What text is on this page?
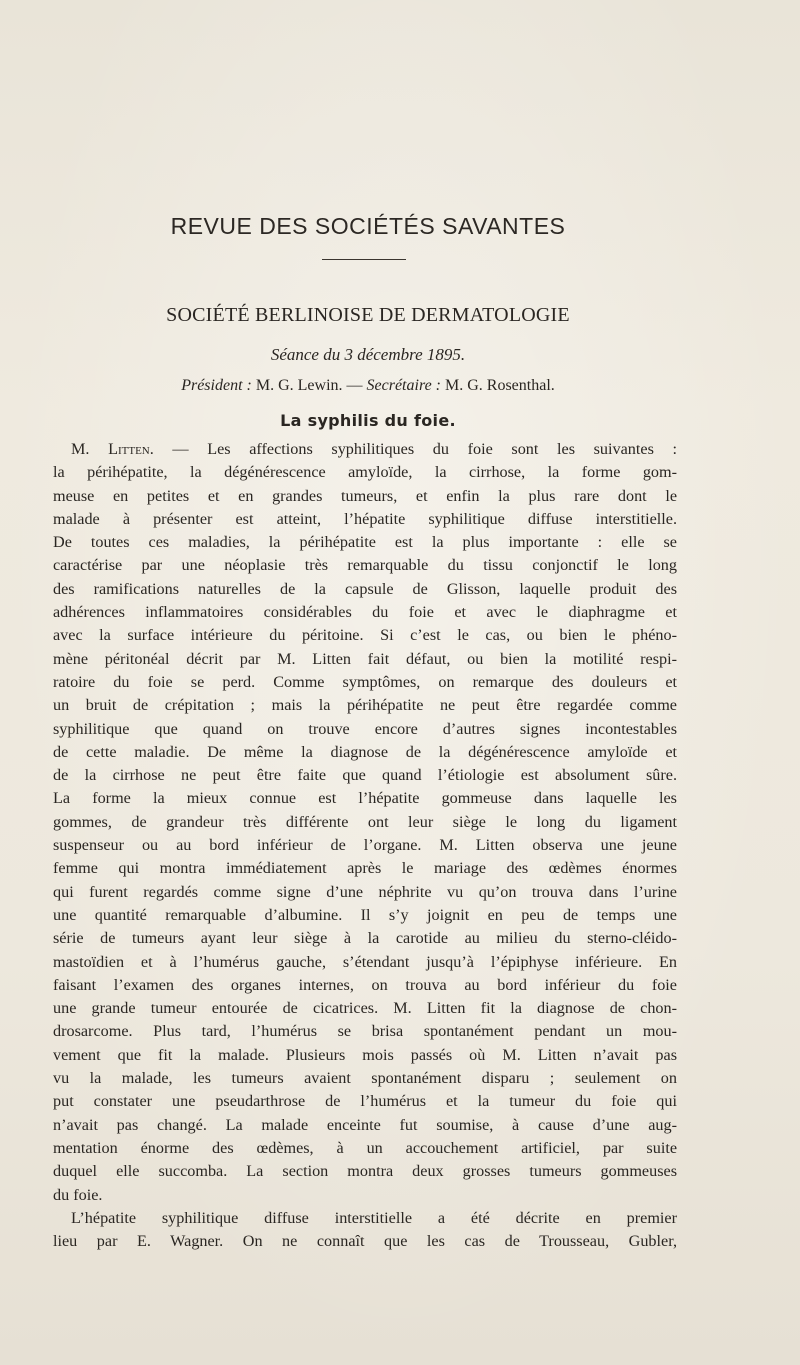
REVUE DES SOCIÉTÉS SAVANTES
SOCIÉTÉ BERLINOISE DE DERMATOLOGIE
Séance du 3 décembre 1895.
Président : M. G. Lewin. — Secrétaire : M. G. Rosenthal.
La syphilis du foie.
M. Litten. — Les affections syphilitiques du foie sont les suivantes :
la périhépatite, la dégénérescence amyloïde, la cirrhose, la forme gom-
meuse en petites et en grandes tumeurs, et enfin la plus rare dont le
malade à présenter est atteint, l’hépatite syphilitique diffuse interstitielle.
De toutes ces maladies, la périhépatite est la plus importante : elle se
caractérise par une néoplasie très remarquable du tissu conjonctif le long
des ramifications naturelles de la capsule de Glisson, laquelle produit des
adhérences inflammatoires considérables du foie et avec le diaphragme et
avec la surface intérieure du péritoine. Si c’est le cas, ou bien le phéno-
mène péritonéal décrit par M. Litten fait défaut, ou bien la motilité respi-
ratoire du foie se perd. Comme symptômes, on remarque des douleurs et
un bruit de crépitation ; mais la périhépatite ne peut être regardée comme
syphilitique que quand on trouve encore d’autres signes incontestables
de cette maladie. De même la diagnose de la dégénérescence amyloïde et
de la cirrhose ne peut être faite que quand l’étiologie est absolument sûre.
La forme la mieux connue est l’hépatite gommeuse dans laquelle les
gommes, de grandeur très différente ont leur siège le long du ligament
suspenseur ou au bord inférieur de l’organe. M. Litten observa une jeune
femme qui montra immédiatement après le mariage des œdèmes énormes
qui furent regardés comme signe d’une néphrite vu qu’on trouva dans l’urine
une quantité remarquable d’albumine. Il s’y joignit en peu de temps une
série de tumeurs ayant leur siège à la carotide au milieu du sterno-cléido-
mastoïdien et à l’humérus gauche, s’étendant jusqu’à l’épiphyse inférieure. En
faisant l’examen des organes internes, on trouva au bord inférieur du foie
une grande tumeur entourée de cicatrices. M. Litten fit la diagnose de chon-
drosarcome. Plus tard, l’humérus se brisa spontanément pendant un mou-
vement que fit la malade. Plusieurs mois passés où M. Litten n’avait pas
vu la malade, les tumeurs avaient spontanément disparu ; seulement on
put constater une pseudarthrose de l’humérus et la tumeur du foie qui
n’avait pas changé. La malade enceinte fut soumise, à cause d’une aug-
mentation énorme des œdèmes, à un accouchement artificiel, par suite
duquel elle succomba. La section montra deux grosses tumeurs gommeuses
du foie.
L’hépatite syphilitique diffuse interstitielle a été décrite en premier
lieu par E. Wagner. On ne connaît que les cas de Trousseau, Gubler,
